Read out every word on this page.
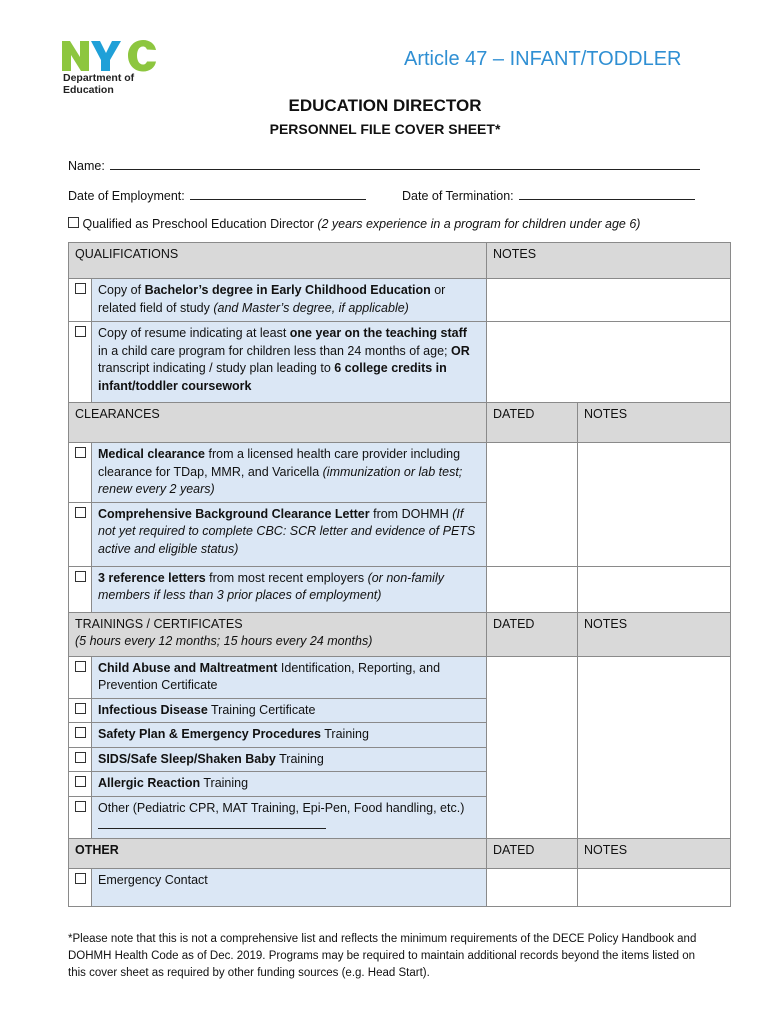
Department of
Education
Article 47 – INFANT/TODDLER
EDUCATION DIRECTOR
PERSONNEL FILE COVER SHEET*
Name:
Date of Employment:	Date of Termination:
Qualified as Preschool Education Director (2 years experience in a program for children under age 6)
QUALIFICATIONS		NOTES	
	Copy of Bachelor’s degree in Early Childhood Education or related field of study (and Master’s degree, if applicable)		
	Copy of resume indicating at least one year on the teaching staff in a child care program for children less than 24 months of age; OR transcript indicating / study plan leading to 6 college credits in infant/toddler coursework		
CLEARANCES		DATED	NOTES
	Medical clearance from a licensed health care provider including clearance for TDap, MMR, and Varicella (immunization or lab test; renew every 2 years)		
	Comprehensive Background Clearance Letter from DOHMH (If not yet required to complete CBC: SCR letter and evidence of PETS active and eligible status)		
	3 reference letters from most recent employers (or non-family members if less than 3 prior places of employment)		

TRAININGS / CERTIFICATES
(5 hours every 12 months; 15 hours every 24 months)		DATED	NOTES
	Child Abuse and Maltreatment Identification, Reporting, and Prevention Certificate		
	Infectious Disease Training Certificate		
	Safety Plan & Emergency Procedures Training		
	SIDS/Safe Sleep/Shaken Baby Training		
	Allergic Reaction Training		
	Other (Pediatric CPR, MAT Training, Epi-Pen, Food handling, etc.)		

OTHER		DATED	NOTES
	Emergency Contact		
*Please note that this is not a comprehensive list and reflects the minimum requirements of the DECE Policy Handbook and DOHMH Health Code as of Dec. 2019. Programs may be required to maintain additional records beyond the items listed on this cover sheet as required by other funding sources (e.g. Head Start).
